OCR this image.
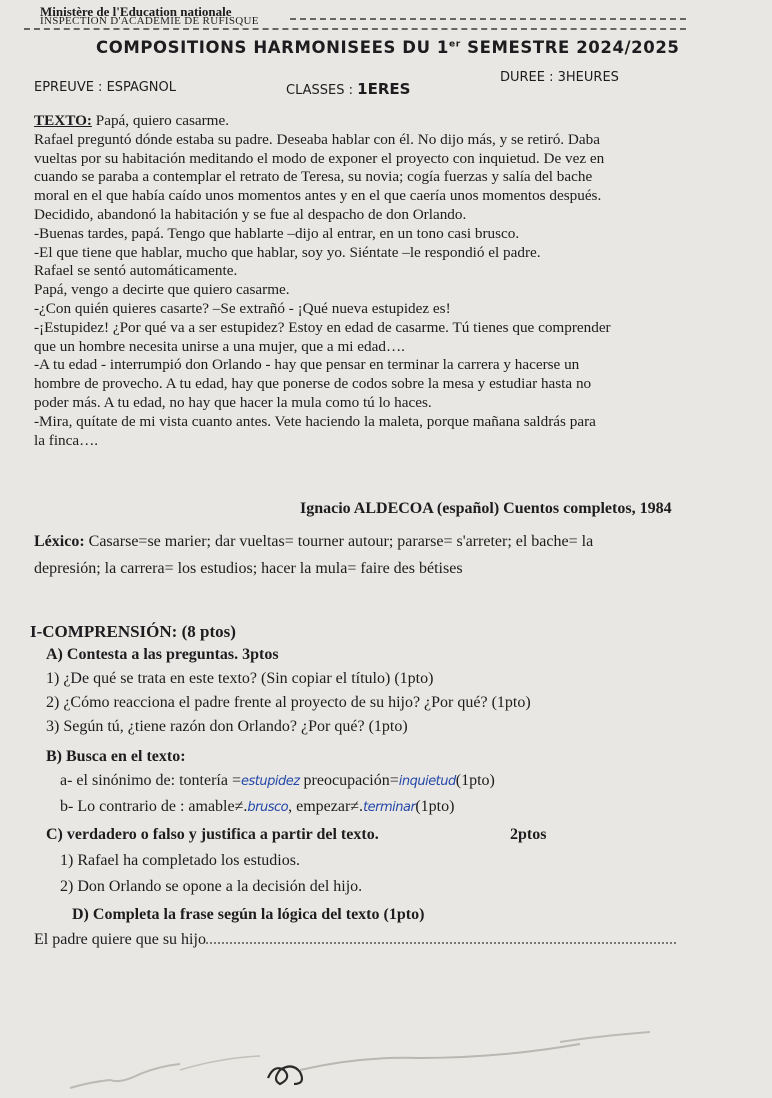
Ministère de l'Education nationale
INSPECTION D'ACADEMIE DE RUFISQUE
COMPOSITIONS HARMONISEES DU 1er SEMESTRE 2024/2025
EPREUVE : ESPAGNOL	CLASSES : 1ERES
DUREE : 3HEURES

TEXTO: Papá, quiero casarme.

Rafael preguntó dónde estaba su padre. Deseaba hablar con él. No dijo más, y se retiró. Daba

vueltas por su habitación meditando el modo de exponer el proyecto con inquietud. De vez en

cuando se paraba a contemplar el retrato de Teresa, su novia; cogía fuerzas y salía del bache

moral en el que había caído unos momentos antes y en el que caería unos momentos después.

Decidido, abandonó la habitación y se fue al despacho de don Orlando.

-Buenas tardes, papá. Tengo que hablarte –dijo al entrar, en un tono casi brusco.

-El que tiene que hablar, mucho que hablar, soy yo. Siéntate –le respondió el padre.

Rafael se sentó automáticamente.

Papá, vengo a decirte que quiero casarme.

-¿Con quién quieres casarte? –Se extrañó - ¡Qué nueva estupidez es!

-¡Estupidez! ¿Por qué va a ser estupidez? Estoy en edad de casarme. Tú tienes que comprender

que un hombre necesita unirse a una mujer, que a mi edad….

-A tu edad - interrumpió don Orlando - hay que pensar en terminar la carrera y hacerse un

hombre de provecho. A tu edad, hay que ponerse de codos sobre la mesa y estudiar hasta no

poder más. A tu edad, no hay que hacer la mula como tú lo haces.

-Mira, quítate de mi vista cuanto antes. Vete haciendo la maleta, porque mañana saldrás para

la finca….

Ignacio ALDECOA (español) Cuentos completos, 1984
Léxico: Casarse=se marier; dar vueltas= tourner autour; pararse= s'arreter; el bache= la
depresión; la carrera= los estudios; hacer la mula= faire des bétises
I-COMPRENSIÓN: (8 ptos)
A) Contesta a las preguntas. 3ptos
1) ¿De qué se trata en este texto? (Sin copiar el título) (1pto)
2) ¿Cómo reacciona el padre frente al proyecto de su hijo? ¿Por qué? (1pto)
3) Según tú, ¿tiene razón don Orlando? ¿Por qué? (1pto)
B) Busca en el texto:
a- el sinónimo de: tontería =estupidez preocupación=inquietud(1pto)
b- Lo contrario de : amable≠.brusco, empezar≠.terminar(1pto)
C) verdadero o falso y justifica a partir del texto.	2ptos
1) Rafael ha completado los estudios.
2) Don Orlando se opone a la decisión del hijo.
D) Completa la frase según la lógica del texto (1pto)
El padre quiere que su hijo
